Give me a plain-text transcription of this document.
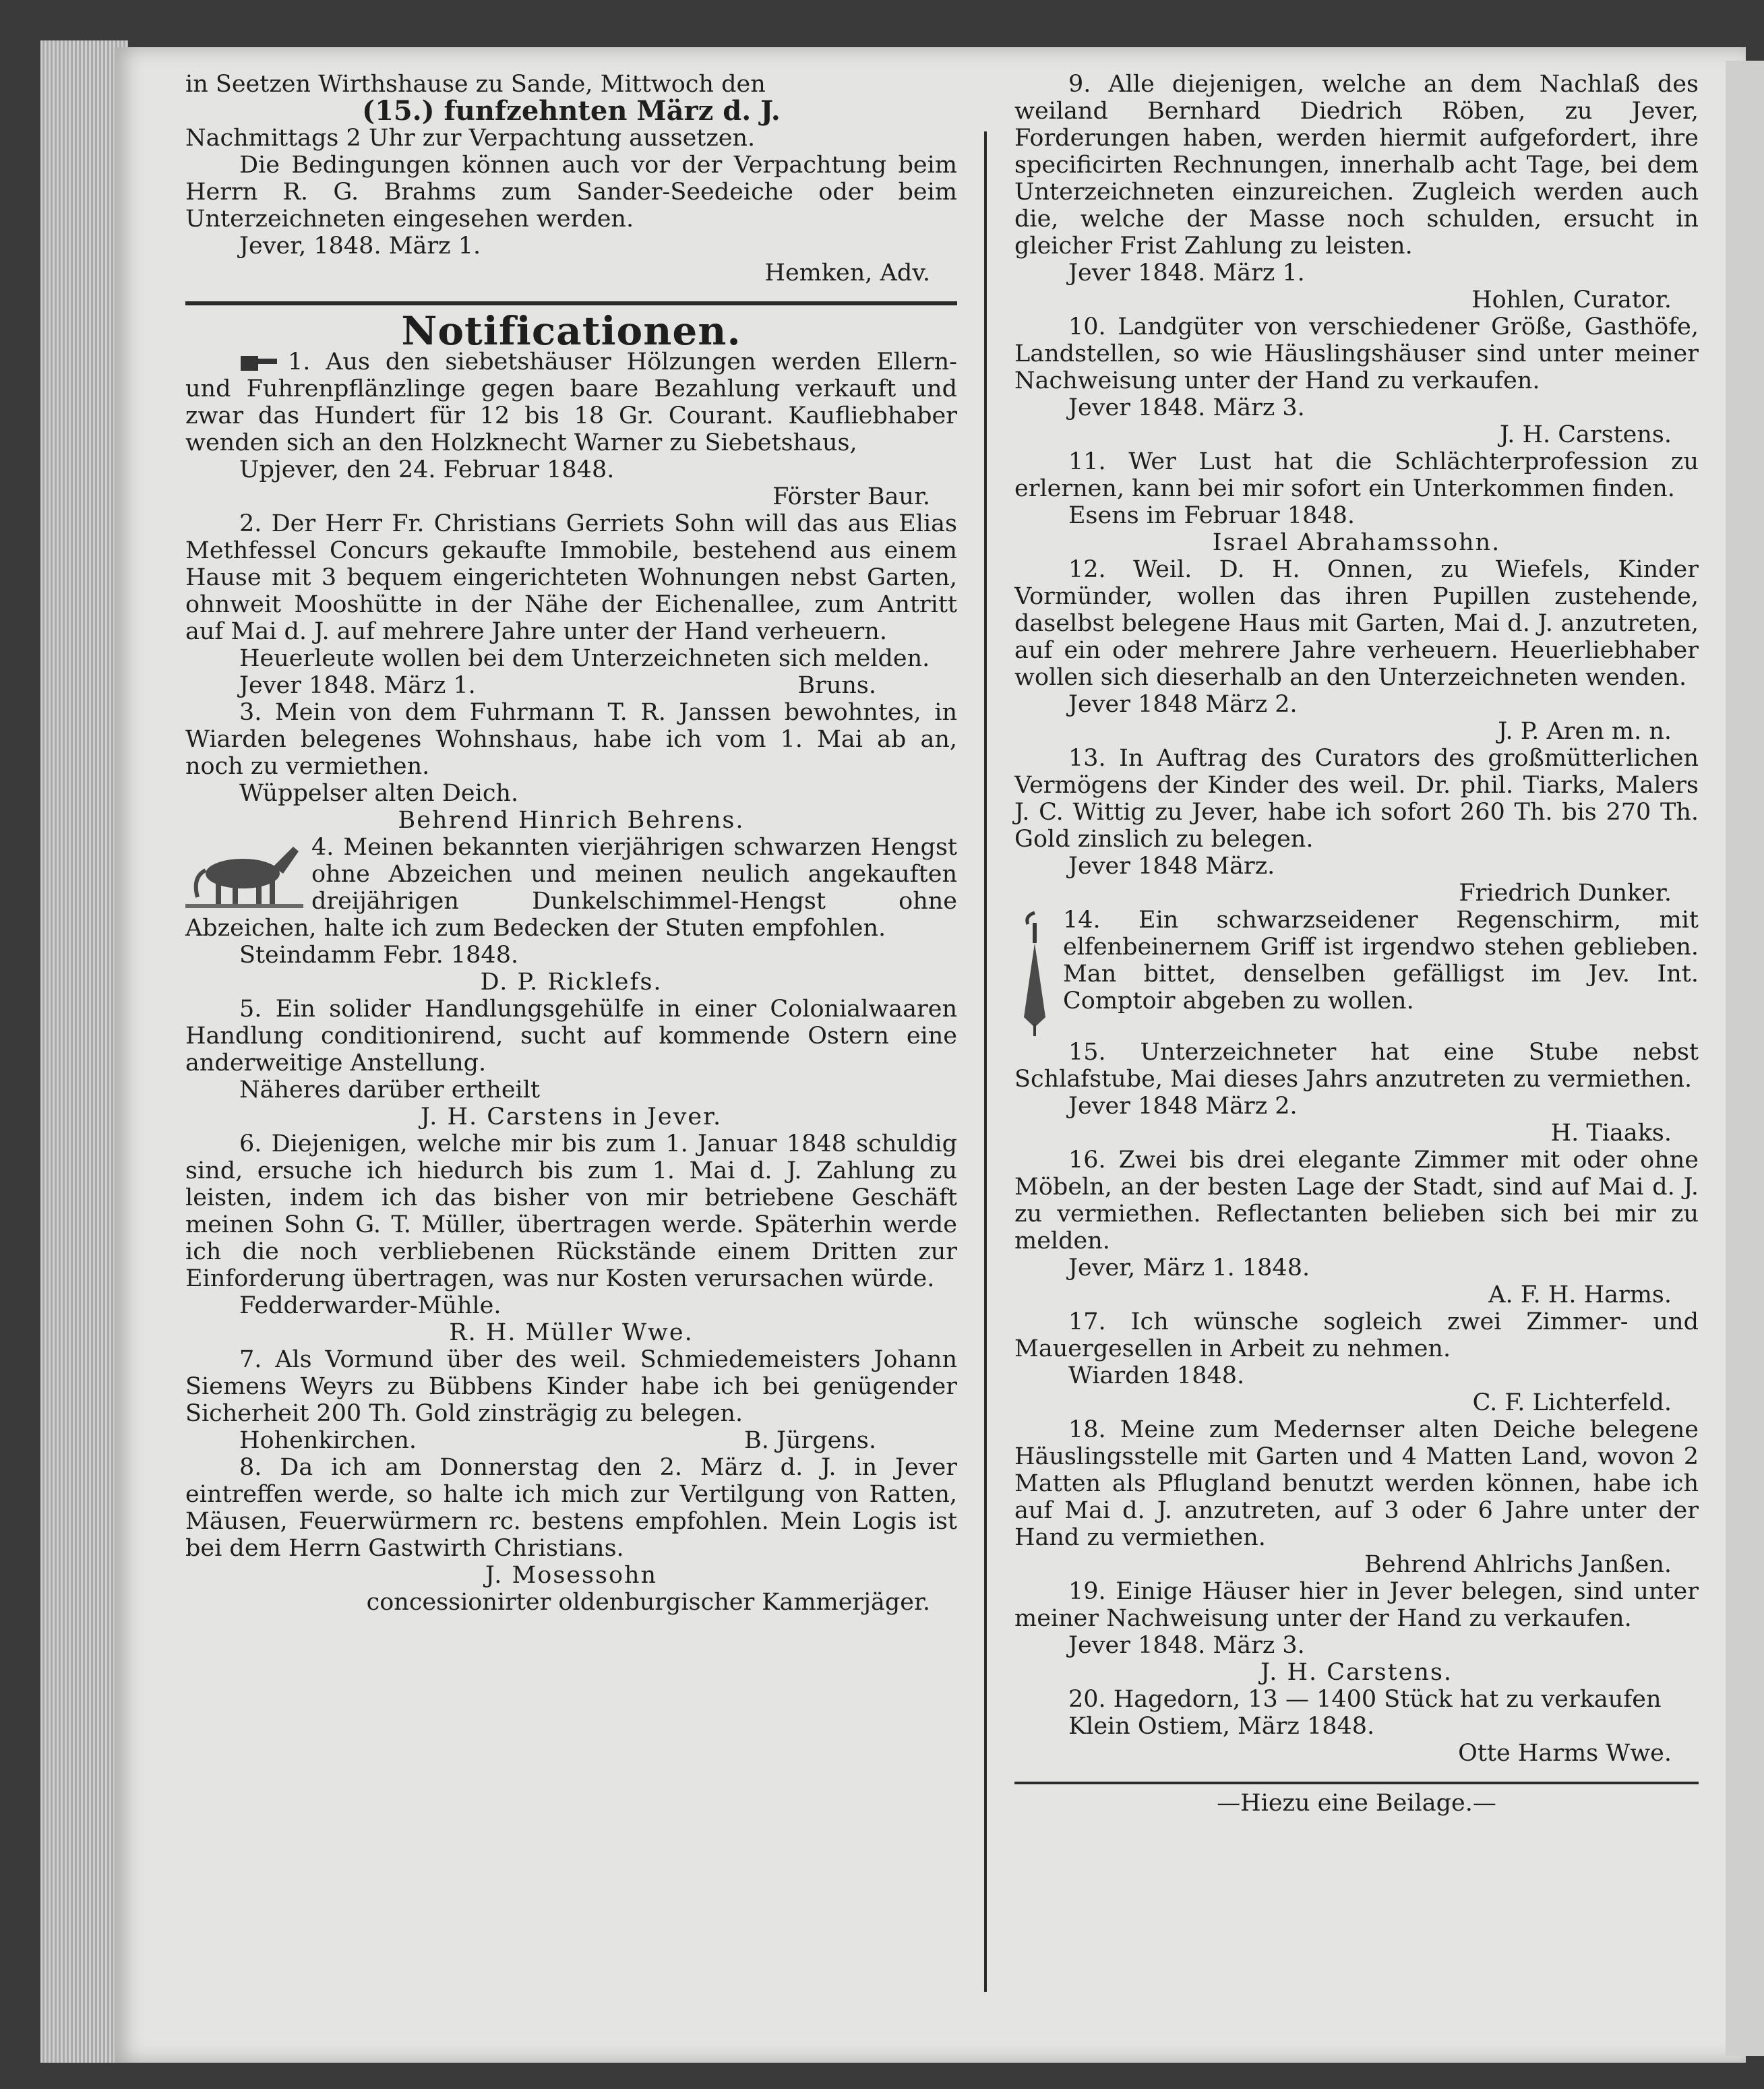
in Seetzen Wirthshause zu Sande, Mittwoch den

(15.) funfzehnten März d. J.

Nachmittags 2 Uhr zur Verpachtung aussetzen.

Die Bedingungen können auch vor der Verpachtung beim Herrn R. G. Brahms zum Sander-Seedeiche oder beim Unterzeichneten eingesehen werden.

Jever, 1848. März 1.

Hemken, Adv.

Notificationen.

1. Aus den siebetshäuser Hölzungen werden Ellern- und Fuhrenpflänzlinge gegen baare Bezahlung verkauft und zwar das Hundert für 12 bis 18 Gr. Courant. Kaufliebhaber wenden sich an den Holzknecht Warner zu Siebetshaus,

Upjever, den 24. Februar 1848.

Förster Baur.

2. Der Herr Fr. Christians Gerriets Sohn will das aus Elias Methfessel Concurs gekaufte Immobile, bestehend aus einem Hause mit 3 bequem eingerichteten Wohnungen nebst Garten, ohnweit Mooshütte in der Nähe der Eichenallee, zum Antritt auf Mai d. J. auf mehrere Jahre unter der Hand verheuern.

Heuerleute wollen bei dem Unterzeichneten sich melden.

Jever 1848. März 1.	Bruns.

3. Mein von dem Fuhrmann T. R. Janssen bewohntes, in Wiarden belegenes Wohnshaus, habe ich vom 1. Mai ab an, noch zu vermiethen.

Wüppelser alten Deich.

Behrend Hinrich Behrens.

4. Meinen bekannten vierjährigen schwarzen Hengst ohne Abzeichen und meinen neulich angekauften dreijährigen Dunkelschimmel-Hengst ohne Abzeichen, halte ich zum Bedecken der Stuten empfohlen.

Steindamm Febr. 1848.

D. P. Ricklefs.

5. Ein solider Handlungsgehülfe in einer Colonialwaaren Handlung conditionirend, sucht auf kommende Ostern eine anderweitige Anstellung.

Näheres darüber ertheilt

J. H. Carstens in Jever.

6. Diejenigen, welche mir bis zum 1. Januar 1848 schuldig sind, ersuche ich hiedurch bis zum 1. Mai d. J. Zahlung zu leisten, indem ich das bisher von mir betriebene Geschäft meinen Sohn G. T. Müller, übertragen werde. Späterhin werde ich die noch verbliebenen Rückstände einem Dritten zur Einforderung übertragen, was nur Kosten verursachen würde.

Fedderwarder-Mühle.

R. H. Müller Wwe.

7. Als Vormund über des weil. Schmiedemeisters Johann Siemens Weyrs zu Bübbens Kinder habe ich bei genügender Sicherheit 200 Th. Gold zinsträgig zu belegen.

Hohenkirchen.	B. Jürgens.

8. Da ich am Donnerstag den 2. März d. J. in Jever eintreffen werde, so halte ich mich zur Vertilgung von Ratten, Mäusen, Feuerwürmern rc. bestens empfohlen. Mein Logis ist bei dem Herrn Gastwirth Christians.

J. Mosessohn

concessionirter oldenburgischer Kammerjäger.

9. Alle diejenigen, welche an dem Nachlaß des weiland Bernhard Diedrich Röben, zu Jever, Forderungen haben, werden hiermit aufgefordert, ihre specificirten Rechnungen, innerhalb acht Tage, bei dem Unterzeichneten einzureichen. Zugleich werden auch die, welche der Masse noch schulden, ersucht in gleicher Frist Zahlung zu leisten.

Jever 1848. März 1.

Hohlen, Curator.

10. Landgüter von verschiedener Größe, Gasthöfe, Landstellen, so wie Häuslingshäuser sind unter meiner Nachweisung unter der Hand zu verkaufen.

Jever 1848. März 3.

J. H. Carstens.

11. Wer Lust hat die Schlächterprofession zu erlernen, kann bei mir sofort ein Unterkommen finden.

Esens im Februar 1848.

Israel Abrahamssohn.

12. Weil. D. H. Onnen, zu Wiefels, Kinder Vormünder, wollen das ihren Pupillen zustehende, daselbst belegene Haus mit Garten, Mai d. J. anzutreten, auf ein oder mehrere Jahre verheuern. Heuerliebhaber wollen sich dieserhalb an den Unterzeichneten wenden.

Jever 1848 März 2.

J. P. Aren m. n.

13. In Auftrag des Curators des großmütterlichen Vermögens der Kinder des weil. Dr. phil. Tiarks, Malers J. C. Wittig zu Jever, habe ich sofort 260 Th. bis 270 Th. Gold zinslich zu belegen.

Jever 1848 März.

Friedrich Dunker.

14. Ein schwarzseidener Regenschirm, mit elfenbeinernem Griff ist irgendwo stehen geblieben. Man bittet, denselben gefälligst im Jev. Int. Comptoir abgeben zu wollen.

15. Unterzeichneter hat eine Stube nebst Schlafstube, Mai dieses Jahrs anzutreten zu vermiethen.

Jever 1848 März 2.

H. Tiaaks.

16. Zwei bis drei elegante Zimmer mit oder ohne Möbeln, an der besten Lage der Stadt, sind auf Mai d. J. zu vermiethen. Reflectanten belieben sich bei mir zu melden.

Jever, März 1. 1848.

A. F. H. Harms.

17. Ich wünsche sogleich zwei Zimmer- und Mauergesellen in Arbeit zu nehmen.

Wiarden 1848.

C. F. Lichterfeld.

18. Meine zum Medernser alten Deiche belegene Häuslingsstelle mit Garten und 4 Matten Land, wovon 2 Matten als Pflugland benutzt werden können, habe ich auf Mai d. J. anzutreten, auf 3 oder 6 Jahre unter der Hand zu vermiethen.

Behrend Ahlrichs Janßen.

19. Einige Häuser hier in Jever belegen, sind unter meiner Nachweisung unter der Hand zu verkaufen.

Jever 1848. März 3.

J. H. Carstens.

20. Hagedorn, 13 — 1400 Stück hat zu verkaufen

Klein Ostiem, März 1848.

Otte Harms Wwe.

—Hiezu eine Beilage.—
